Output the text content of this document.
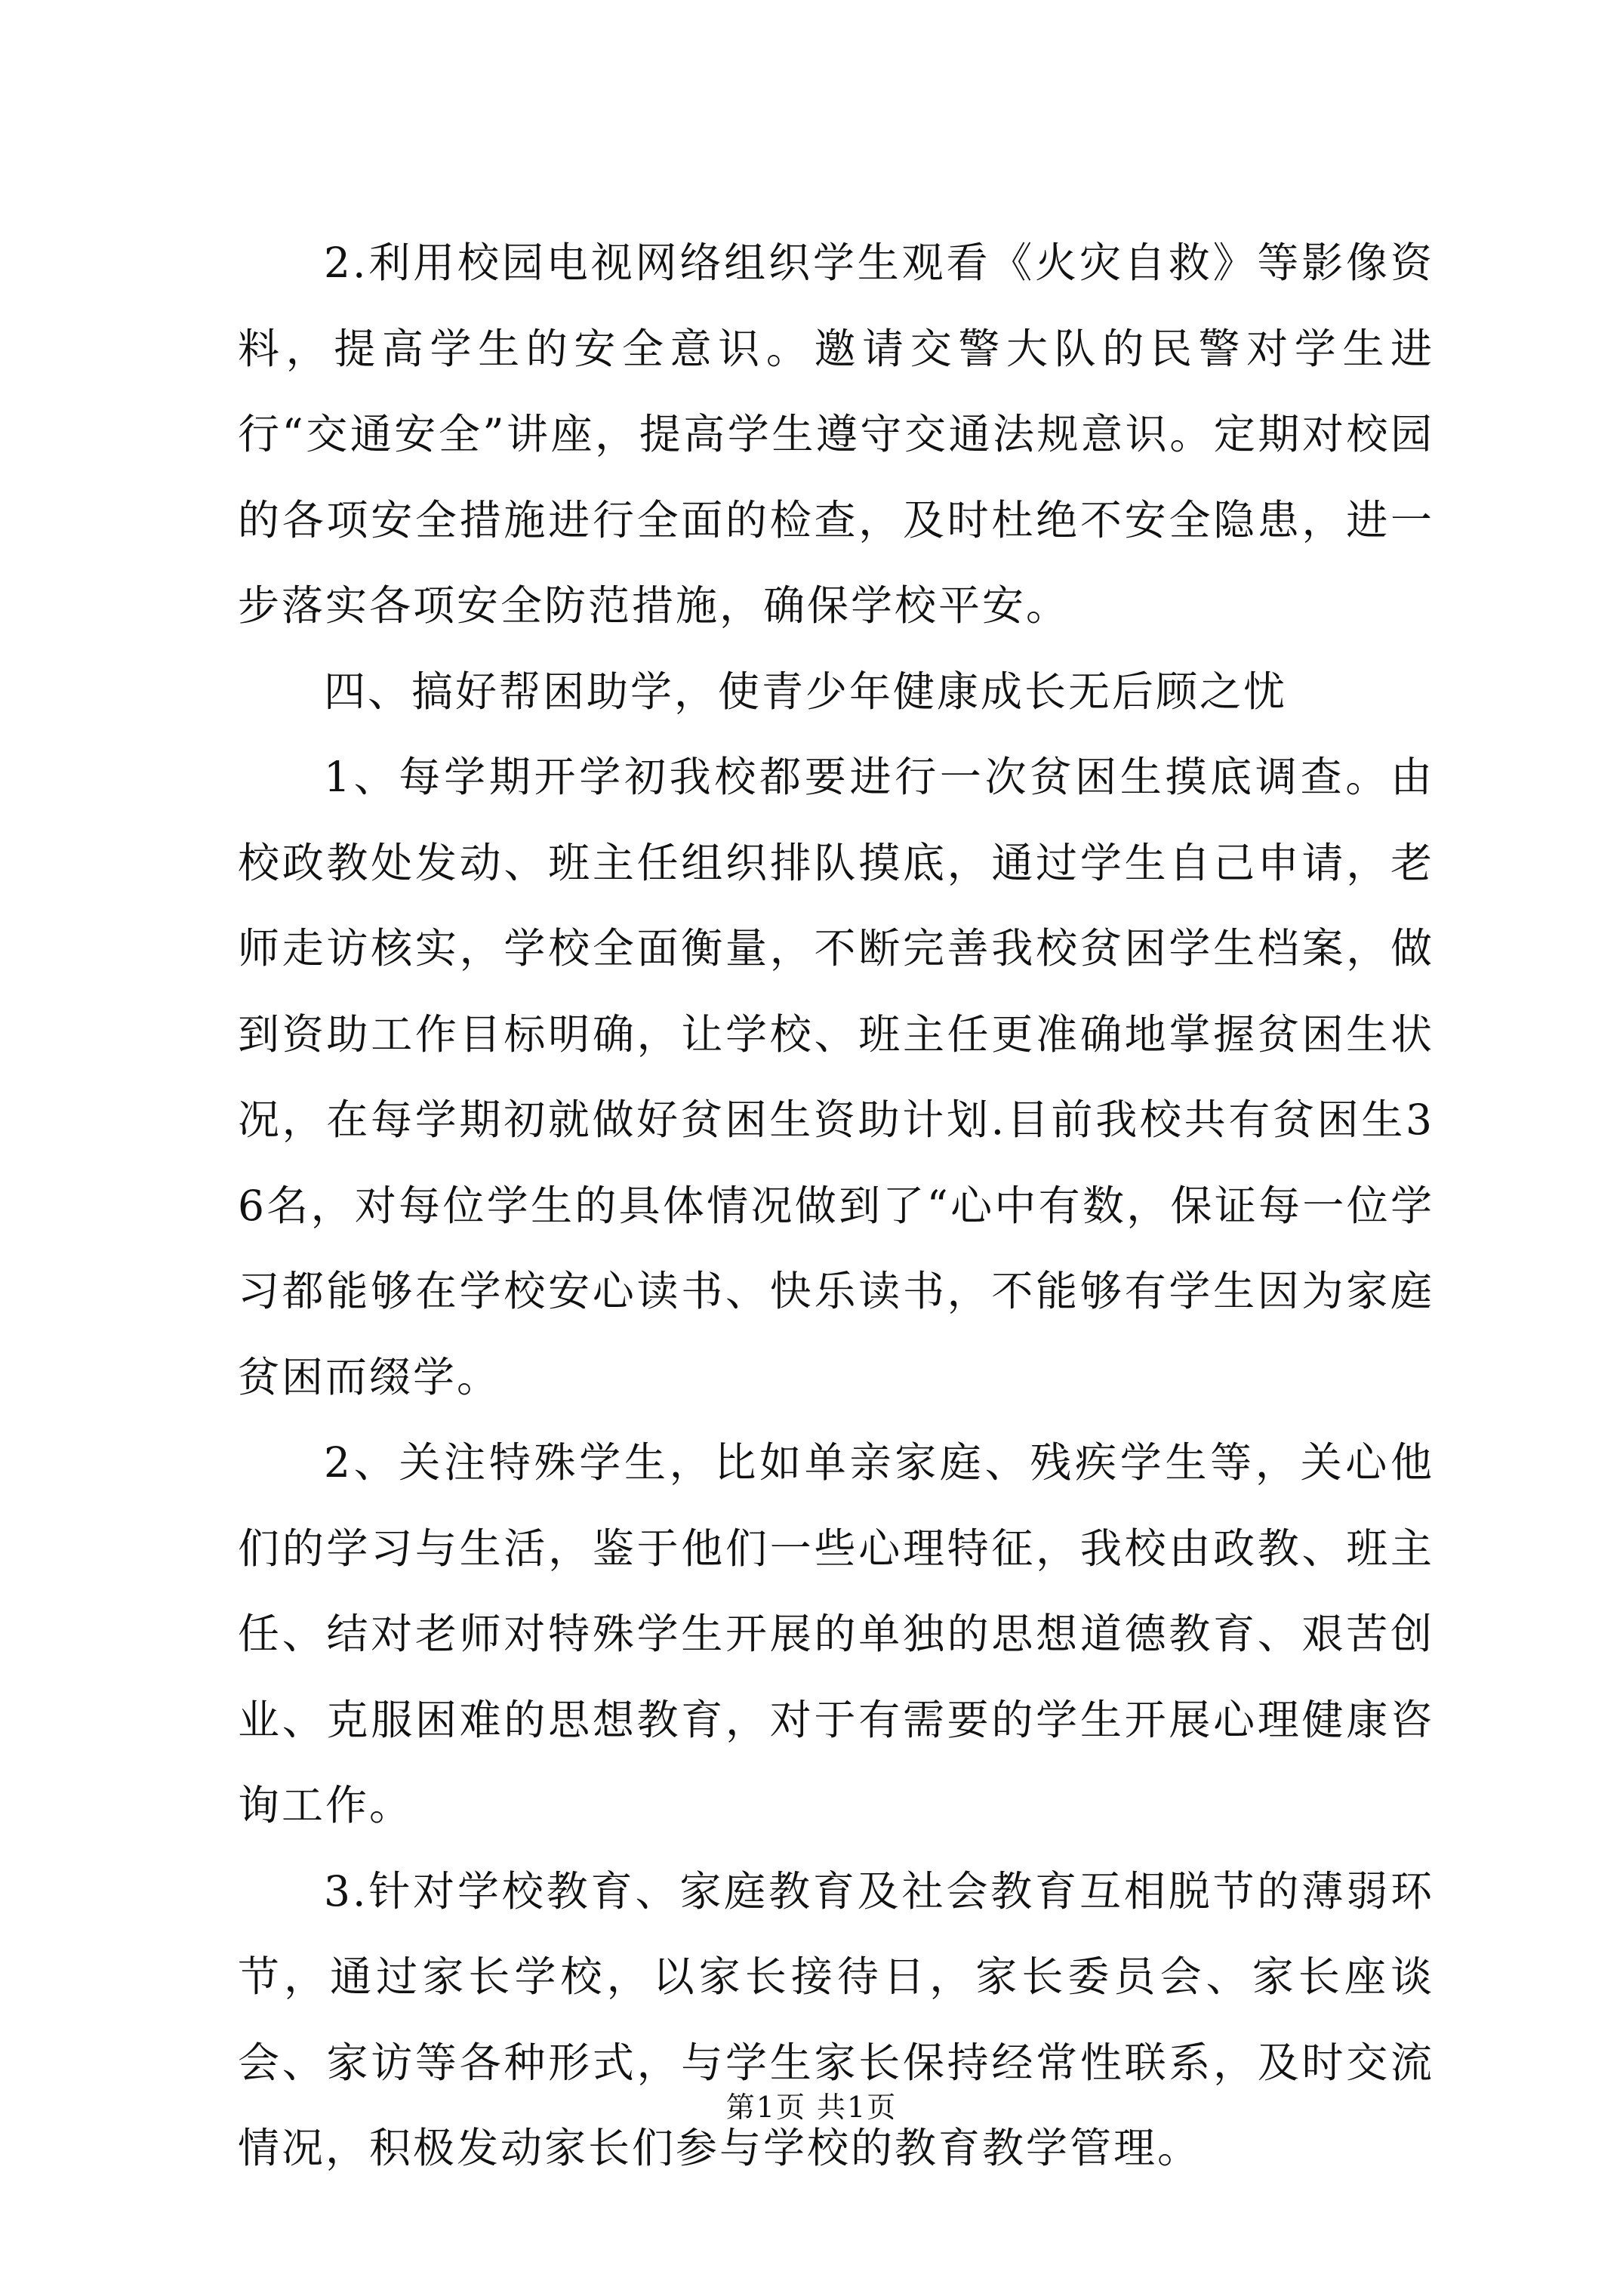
2.利用校园电视网络组织学生观看《火灾自救》等影像资料，提高学生的安全意识。邀请交警大队的民警对学生进行“交通安全”讲座，提高学生遵守交通法规意识。定期对校园的各项安全措施进行全面的检查，及时杜绝不安全隐患，进一步落实各项安全防范措施，确保学校平安。

四、搞好帮困助学，使青少年健康成长无后顾之忧

1、每学期开学初我校都要进行一次贫困生摸底调查。由校政教处发动、班主任组织排队摸底，通过学生自己申请，老师走访核实，学校全面衡量，不断完善我校贫困学生档案，做到资助工作目标明确，让学校、班主任更准确地掌握贫困生状况，在每学期初就做好贫困生资助计划.目前我校共有贫困生36名，对每位学生的具体情况做到了“心中有数，保证每一位学习都能够在学校安心读书、快乐读书，不能够有学生因为家庭贫困而缀学。

2、关注特殊学生，比如单亲家庭、残疾学生等，关心他们的学习与生活，鉴于他们一些心理特征，我校由政教、班主任、结对老师对特殊学生开展的单独的思想道德教育、艰苦创业、克服困难的思想教育，对于有需要的学生开展心理健康咨询工作。

3.针对学校教育、家庭教育及社会教育互相脱节的薄弱环节，通过家长学校，以家长接待日，家长委员会、家长座谈会、家访等各种形式，与学生家长保持经常性联系，及时交流情况，积极发动家长们参与学校的教育教学管理。

第1页 共1页
